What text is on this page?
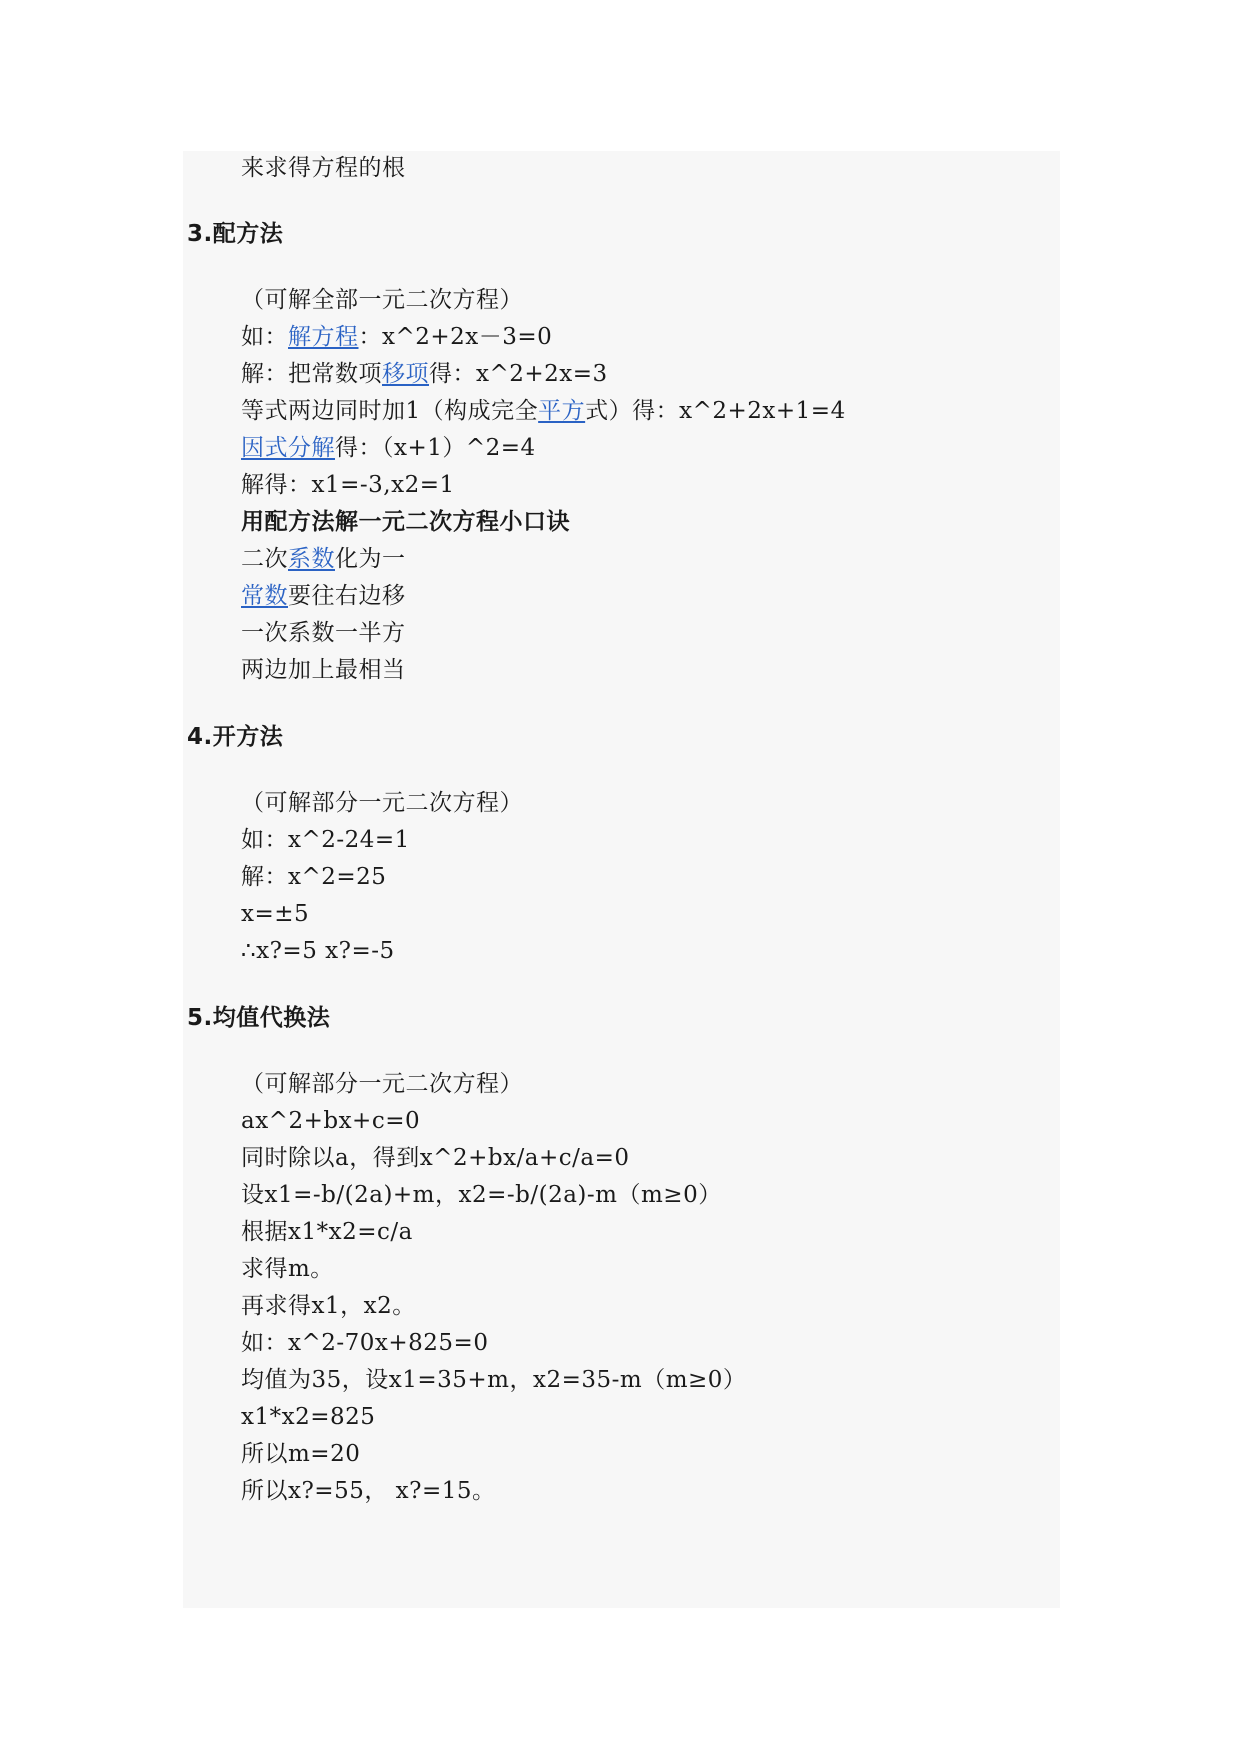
来求得方程的根
3.配方法
（可解全部一元二次方程）
如：解方程：x^2+2x－3=0
解：把常数项移项得：x^2+2x=3
等式两边同时加1（构成完全平方式）得：x^2+2x+1=4
因式分解得：（x+1）^2=4
解得：x1=-3,x2=1
用配方法解一元二次方程小口诀
二次系数化为一
常数要往右边移
一次系数一半方
两边加上最相当
4.开方法
（可解部分一元二次方程）
如：x^2-24=1
解：x^2=25
x=±5
∴x?=5 x?=-5
5.均值代换法
（可解部分一元二次方程）
ax^2+bx+c=0
同时除以a，得到x^2+bx/a+c/a=0
设x1=-b/(2a)+m，x2=-b/(2a)-m（m≥0）
根据x1*x2=c/a
求得m。
再求得x1，x2。
如：x^2-70x+825=0
均值为35，设x1=35+m，x2=35-m（m≥0）
x1*x2=825
所以m=20
所以x?=55， x?=15。
